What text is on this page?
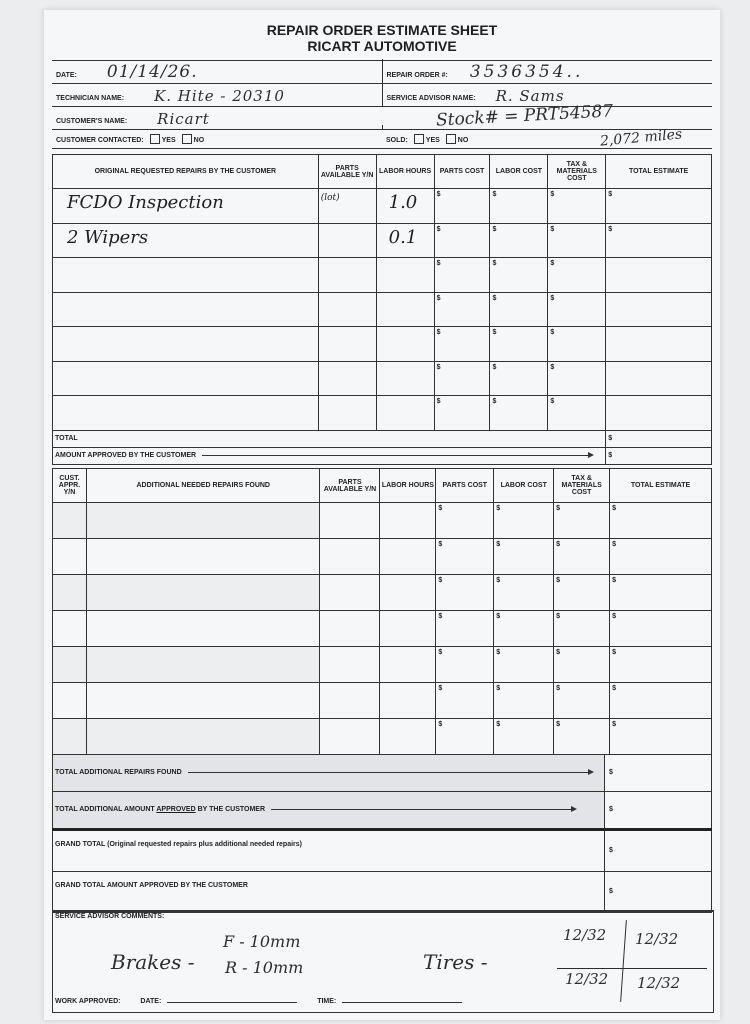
REPAIR ORDER ESTIMATE SHEET
RICART AUTOMOTIVE
DATE: 01/14/26.	REPAIR ORDER #: 3536354..
TECHNICIAN NAME: K. Hite - 20310	SERVICE ADVISOR NAME: R. Sams
CUSTOMER'S NAME: Ricart
CUSTOMER CONTACTED:	YES	NO	SOLD:	YES	NO
Stock# = PRT54587
2,072 miles
ORIGINAL REQUESTED REPAIRS BY THE CUSTOMER	PARTS AVAILABLE Y/N	LABOR HOURS	PARTS COST	LABOR COST	TAX & MATERIALS COST	TOTAL ESTIMATE
FCDO Inspection	(lot)	1.0	$	$	$	$
2 Wipers		0.1	$	$	$	$
			$	$	$	
			$	$	$	
			$	$	$	
			$	$	$	
			$	$	$	
TOTAL						$
AMOUNT APPROVED BY THE CUSTOMER						$
CUST. APPR. Y/N	ADDITIONAL NEEDED REPAIRS FOUND	PARTS AVAILABLE Y/N	LABOR HOURS	PARTS COST	LABOR COST	TAX & MATERIALS COST	TOTAL ESTIMATE
				$	$	$	$
				$	$	$	$
				$	$	$	$
				$	$	$	$
				$	$	$	$
				$	$	$	$
				$	$	$	$
TOTAL ADDITIONAL REPAIRS FOUND	$
TOTAL ADDITIONAL AMOUNT APPROVED BY THE CUSTOMER	$
GRAND TOTAL (Original requested repairs plus additional needed repairs)
$
GRAND TOTAL AMOUNT APPROVED BY THE CUSTOMER
$
SERVICE ADVISOR COMMENTS:
Brakes -
F - 10mm
R - 10mm	Tires -
12/32 12/32
12/32 12/32
WORK APPROVED:	DATE:	TIME:
